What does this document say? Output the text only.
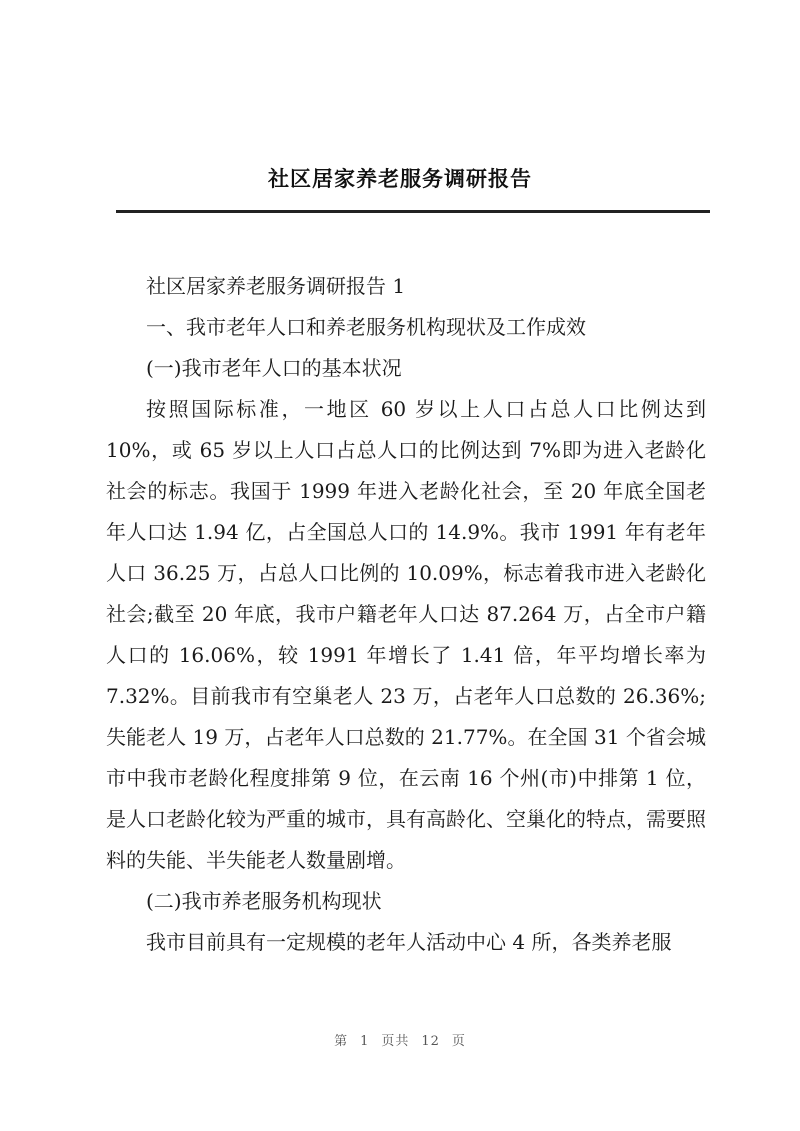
社区居家养老服务调研报告

社区居家养老服务调研报告 1

一、我市老年人口和养老服务机构现状及工作成效

(一)我市老年人口的基本状况

按照国际标准，一地区 60 岁以上人口占总人口比例达到 10%，或 65 岁以上人口占总人口的比例达到 7%即为进入老龄化社会的标志。我国于 1999 年进入老龄化社会，至 20 年底全国老年人口达 1.94 亿，占全国总人口的 14.9%。我市 1991 年有老年人口 36.25 万，占总人口比例的 10.09%，标志着我市进入老龄化社会;截至 20 年底，我市户籍老年人口达 87.264 万，占全市户籍人口的 16.06%，较 1991 年增长了 1.41 倍，年平均增长率为 7.32%。目前我市有空巢老人 23 万，占老年人口总数的 26.36%;失能老人 19 万，占老年人口总数的 21.77%。在全国 31 个省会城市中我市老龄化程度排第 9 位，在云南 16 个州(市)中排第 1 位，是人口老龄化较为严重的城市，具有高龄化、空巢化的特点，需要照料的失能、半失能老人数量剧增。

(二)我市养老服务机构现状

我市目前具有一定规模的老年人活动中心 4 所，各类养老服

第 1 页共 12 页
